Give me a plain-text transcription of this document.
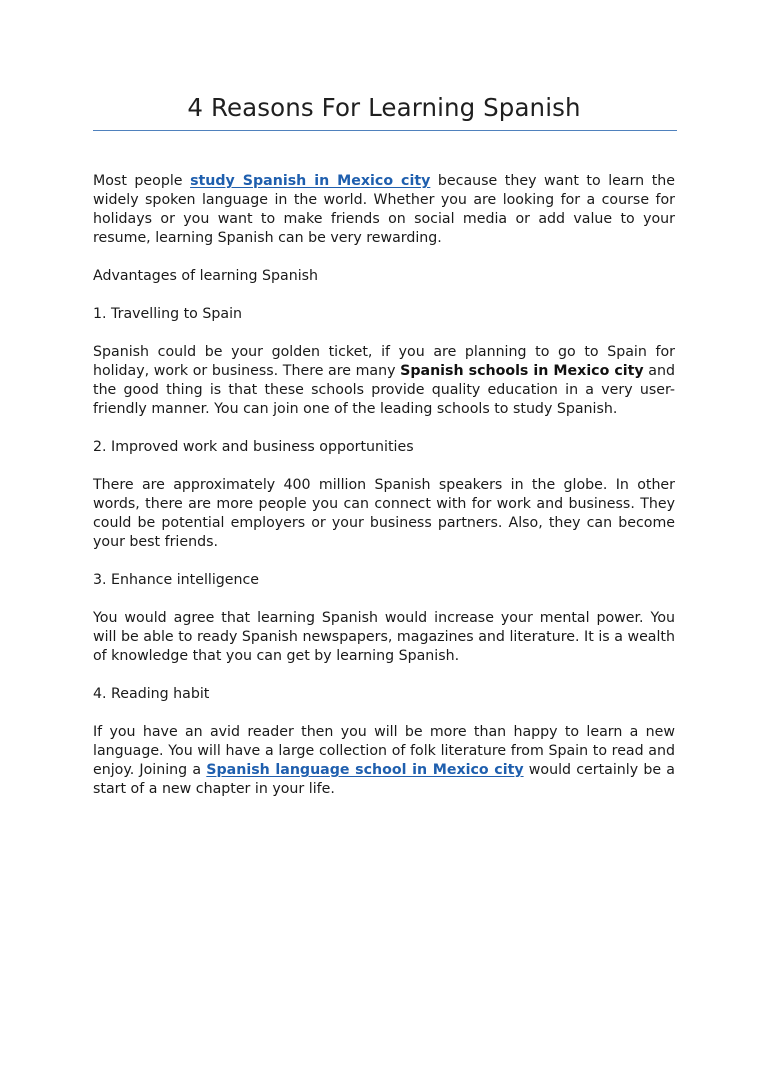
4 Reasons For Learning Spanish

Most people study Spanish in Mexico city because they want to learn the widely spoken language in the world. Whether you are looking for a course for holidays or you want to make friends on social media or add value to your resume, learning Spanish can be very rewarding.

Advantages of learning Spanish

1. Travelling to Spain

Spanish could be your golden ticket, if you are planning to go to Spain for holiday, work or business. There are many Spanish schools in Mexico city and the good thing is that these schools provide quality education in a very user-friendly manner. You can join one of the leading schools to study Spanish.

2. Improved work and business opportunities

There are approximately 400 million Spanish speakers in the globe. In other words, there are more people you can connect with for work and business. They could be potential employers or your business partners. Also, they can become your best friends.

3. Enhance intelligence

You would agree that learning Spanish would increase your mental power. You will be able to ready Spanish newspapers, magazines and literature. It is a wealth of knowledge that you can get by learning Spanish.

4. Reading habit

If you have an avid reader then you will be more than happy to learn a new language. You will have a large collection of folk literature from Spain to read and enjoy. Joining a Spanish language school in Mexico city would certainly be a start of a new chapter in your life.
